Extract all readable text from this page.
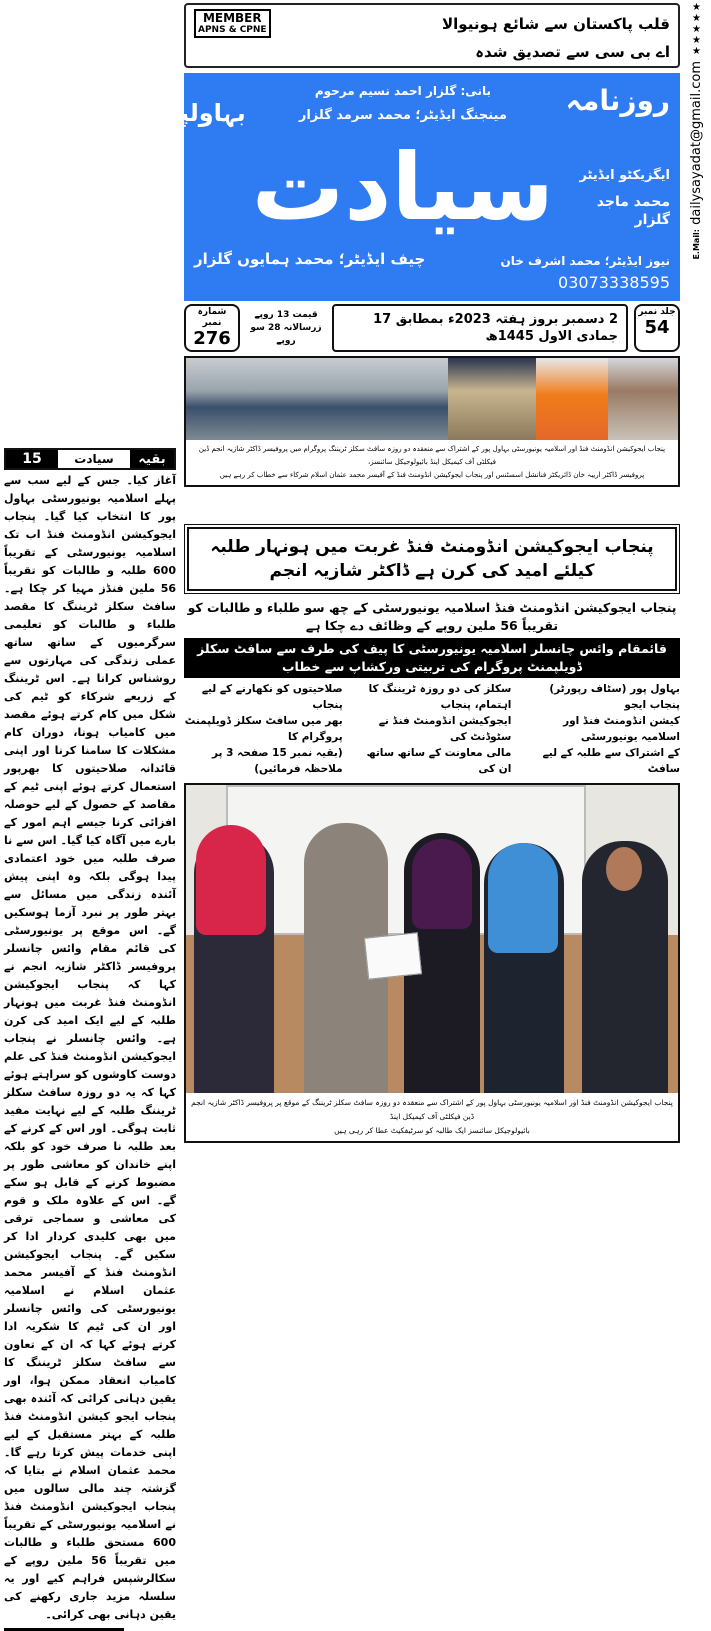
★★★★★
E.Mail: dailysayadat@gmail.com
قلب پاکستان سے شائع ہونیوالا
MEMBER
APNS & CPNE
اے بی سی سے تصدیق شدہ
روزنامہ
ایگزیکٹو ایڈیٹر
محمد ماجد گلزار
بانی: گلزار احمد نسیم مرحوم
مینجنگ ایڈیٹر؛ محمد سرمد گلزار
سیادت
بہاولپور
نیوز ایڈیٹر؛ محمد اشرف خان
چیف ایڈیٹر؛ محمد ہمایوں گلزار
03073338595
جلد نمبر
54
2 دسمبر بروز ہفتہ 2023ء بمطابق 17 جمادی الاول 1445ھ
قیمت 13 روپے
زرسالانہ 28 سو روپے
شمارہ نمبر
276
پنجاب ایجوکیشن انڈومنٹ فنڈ اور اسلامیہ یونیورسٹی بہاول پور کے اشتراک سے منعقدہ دو روزہ سافٹ سکلز ٹریننگ پروگرام میں پروفیسر ڈاکٹر شازیہ انجم ڈین فیکلٹی آف کیمیکل اینڈ بائیولوجیکل سائنسز،
پروفیسر ڈاکٹر اریبہ خان ڈائریکٹر فنانشل اسسٹنس اور پنجاب ایجوکیشن انڈومنٹ فنڈ کے آفیسر محمد عثمان اسلام شرکاء سے خطاب کر رہے ہیں
پنجاب ایجوکیشن انڈومنٹ فنڈ غربت میں ہونہار طلبہ کیلئے امید کی کرن ہے ڈاکٹر شازیہ انجم
پنجاب ایجوکیشن انڈومنٹ فنڈ اسلامیہ یونیورسٹی کے چھ سو طلباء و طالبات کو تقریباً 56 ملین روپے کے وظائف دے چکا ہے
قائمقام وائس چانسلر اسلامیہ یونیورسٹی کا پیف کی طرف سے سافٹ سکلز ڈویلپمنٹ پروگرام کی تربیتی ورکشاپ سے خطاب
بہاول پور (سٹاف رپورٹر) پنجاب ایجو
کیشن انڈومنٹ فنڈ اور اسلامیہ یونیورسٹی
کے اشتراک سے طلبہ کے لیے سافٹ
سکلز کی دو روزہ ٹریننگ کا اہتمام، پنجاب
ایجوکیشن انڈومنٹ فنڈ نے سٹوڈنٹ کی
مالی معاونت کے ساتھ ساتھ ان کی
صلاحیتوں کو نکھارنے کے لیے پنجاب
بھر میں سافٹ سکلز ڈویلپمنٹ پروگرام کا
(بقیہ نمبر 15 صفحہ 3 پر ملاحظہ فرمائیں)
پنجاب ایجوکیشن انڈومنٹ فنڈ اور اسلامیہ یونیورسٹی بہاول پور کے اشتراک سے منعقدہ دو روزہ سافٹ سکلز ٹریننگ کے موقع پر پروفیسر ڈاکٹر شازیہ انجم ڈین فیکلٹی آف کیمیکل اینڈ
بائیولوجیکل سائنسز ایک طالبہ کو سرٹیفکیٹ عطا کر رہی ہیں
بقیہ
سیادت
15
آغاز کیا۔ جس کے لیے سب سے پہلے اسلامیہ یونیورسٹی بہاول پور کا انتخاب کیا گیا۔ پنجاب ایجوکیشن انڈومنٹ فنڈ اب تک اسلامیہ یونیورسٹی کے تقریباً 600 طلبہ و طالبات کو تقریباً 56 ملین فنڈز مہیا کر چکا ہے۔ سافٹ سکلز ٹریننگ کا مقصد طلباء و طالبات کو تعلیمی سرگرمیوں کے ساتھ ساتھ عملی زندگی کی مہارتوں سے روشناس کرانا ہے۔ اس ٹریننگ کے زریعے شرکاء کو ٹیم کی شکل میں کام کرتے ہوئے مقصد میں کامیاب ہونا، دوران کام مشکلات کا سامنا کرنا اور اپنی قائدانہ صلاحیتوں کا بھرپور استعمال کرتے ہوئے اپنی ٹیم کے مقاصد کے حصول کے لیے حوصلہ افزائی کرنا جیسے اہم امور کے بارے میں آگاہ کیا گیا۔ اس سے نا صرف طلبہ میں خود اعتمادی پیدا ہوگی بلکہ وہ اپنی پیش آئندہ زندگی میں مسائل سے بہتر طور پر نبرد آزما ہوسکیں گے۔ اس موقع پر یونیورسٹی کی قائم مقام وائس چانسلر پروفیسر ڈاکٹر شازیہ انجم نے کہا کہ پنجاب ایجوکیشن انڈومنٹ فنڈ غربت میں ہونہار طلبہ کے لیے ایک امید کی کرن ہے۔ وائس چانسلر نے پنجاب ایجوکیشن انڈومنٹ فنڈ کی علم دوست کاوشوں کو سراہتے ہوئے کہا کہ یہ دو روزہ سافٹ سکلز ٹریننگ طلبہ کے لیے نہایت مفید ثابت ہوگی۔ اور اس کے کرنے کے بعد طلبہ نا صرف خود کو بلکہ اپنے خاندان کو معاشی طور پر مضبوط کرنے کے قابل ہو سکے گے۔ اس کے علاوہ ملک و قوم کی معاشی و سماجی ترقی میں بھی کلیدی کردار ادا کر سکیں گے۔ پنجاب ایجوکیشن انڈومنٹ فنڈ کے آفیسر محمد عثمان اسلام نے اسلامیہ یونیورسٹی کی وائس چانسلر اور ان کی ٹیم کا شکریہ ادا کرتے ہوئے کہا کہ ان کے تعاون سے سافٹ سکلز ٹریننگ کا کامیاب انعقاد ممکن ہوا، اور یقین دہانی کرائی کہ آئندہ بھی پنجاب ایجو کیشن انڈومنٹ فنڈ طلبہ کے بہتر مستقبل کے لیے اپنی خدمات پیش کرتا رہے گا۔ محمد عثمان اسلام نے بتایا کہ گزشتہ چند مالی سالوں میں پنجاب ایجوکیشن انڈومنٹ فنڈ نے اسلامیہ یونیورسٹی کے تقریباً 600 مستحق طلباء و طالبات میں تقریباً 56 ملین روپے کے سکالرشپس فراہم کیے اور یہ سلسلہ مزید جاری رکھنے کی یقین دہانی بھی کرائی۔
